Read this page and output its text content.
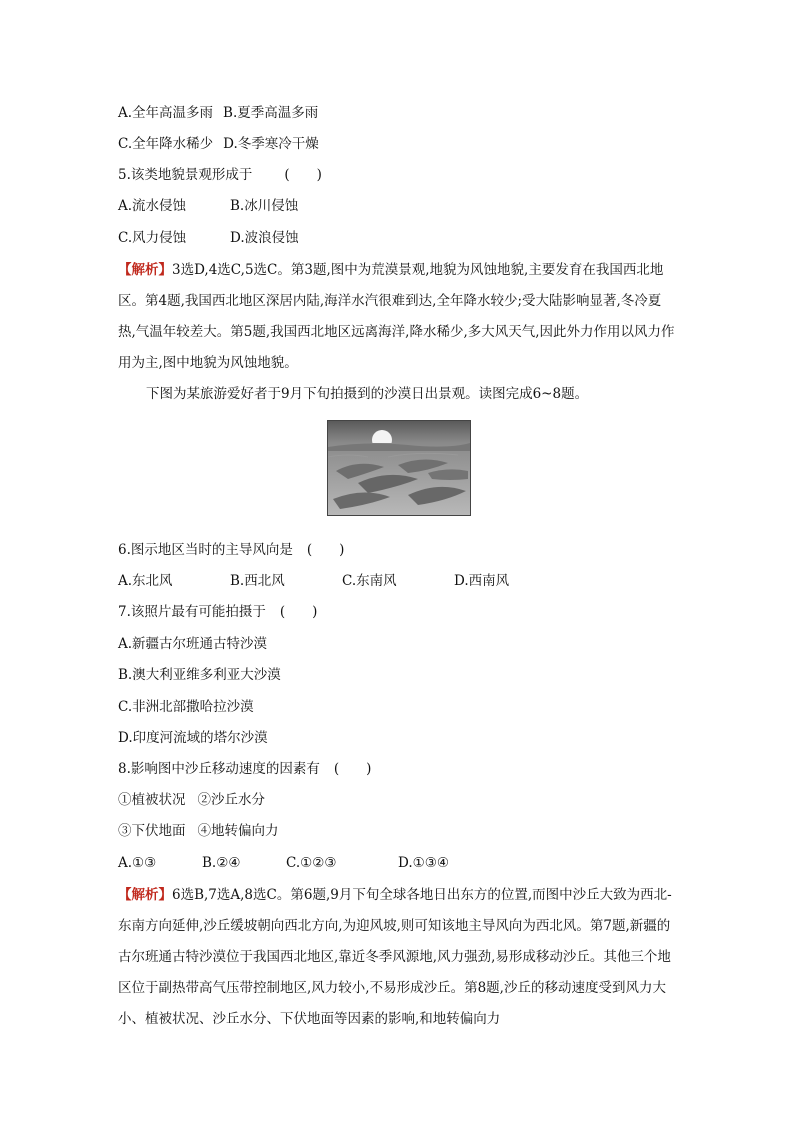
A.全年高温多雨 B.夏季高温多雨
C.全年降水稀少 D.冬季寒冷干燥
5.该类地貌景观形成于 (　　)
A.流水侵蚀	B.冰川侵蚀
C.风力侵蚀	D.波浪侵蚀
【解析】3选D,4选C,5选C。第3题,图中为荒漠景观,地貌为风蚀地貌,主要发育在我国西北地区。第4题,我国西北地区深居内陆,海洋水汽很难到达,全年降水较少;受大陆影响显著,冬冷夏热,气温年较差大。第5题,我国西北地区远离海洋,降水稀少,多大风天气,因此外力作用以风力作用为主,图中地貌为风蚀地貌。
下图为某旅游爱好者于9月下旬拍摄到的沙漠日出景观。读图完成6~8题。
6.图示地区当时的主导风向是 (　　)
A.东北风	B.西北风	C.东南风	D.西南风
7.该照片最有可能拍摄于 (　　)
A.新疆古尔班通古特沙漠
B.澳大利亚维多利亚大沙漠
C.非洲北部撒哈拉沙漠
D.印度河流域的塔尔沙漠
8.影响图中沙丘移动速度的因素有 (　　)
①植被状况 ②沙丘水分
③下伏地面 ④地转偏向力
A.①③	B.②④	C.①②③	D.①③④
【解析】6选B,7选A,8选C。第6题,9月下旬全球各地日出东方的位置,而图中沙丘大致为西北-东南方向延伸,沙丘缓坡朝向西北方向,为迎风坡,则可知该地主导风向为西北风。第7题,新疆的古尔班通古特沙漠位于我国西北地区,靠近冬季风源地,风力强劲,易形成移动沙丘。其他三个地区位于副热带高气压带控制地区,风力较小,不易形成沙丘。第8题,沙丘的移动速度受到风力大小、植被状况、沙丘水分、下伏地面等因素的影响,和地转偏向力
